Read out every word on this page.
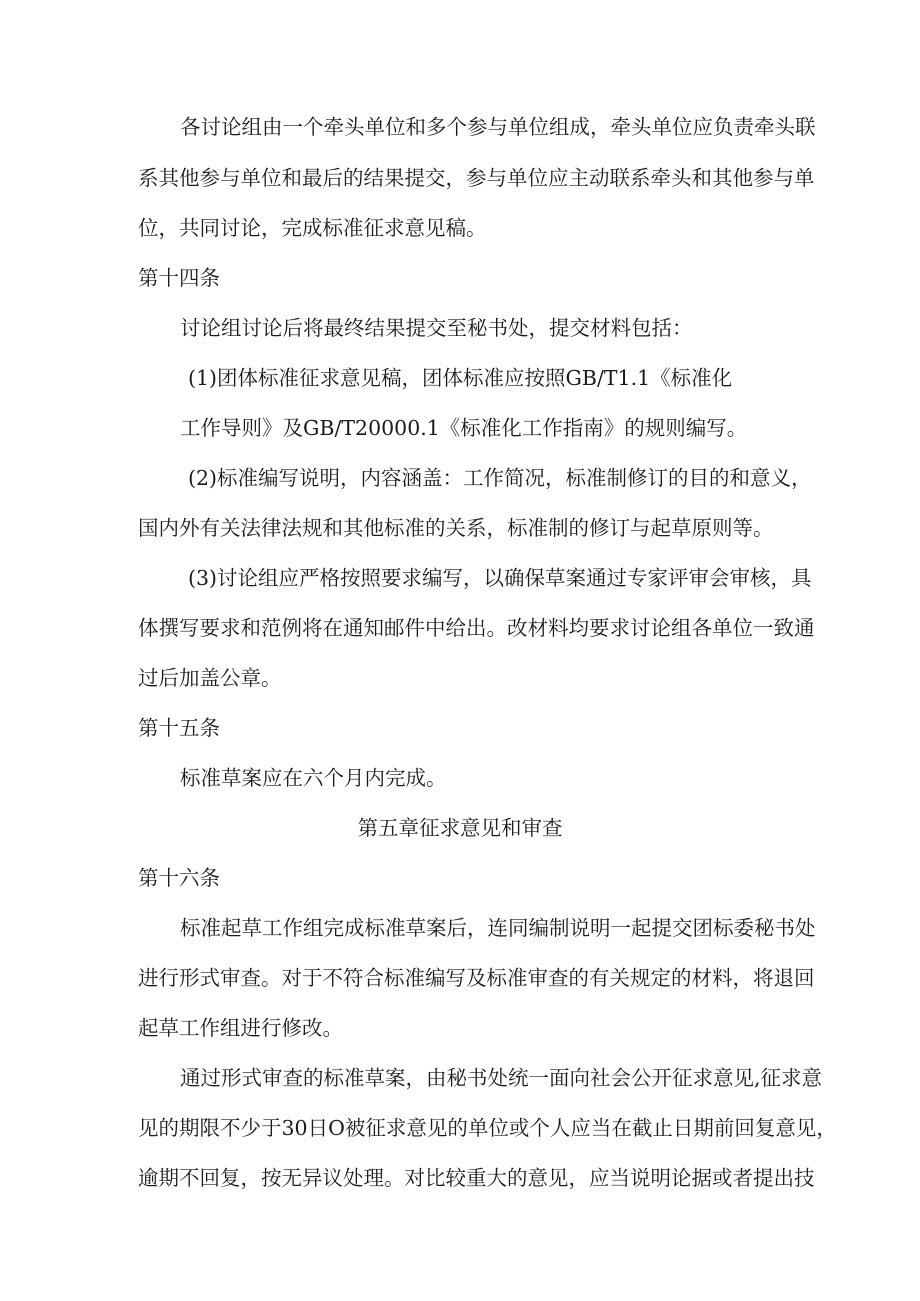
各讨论组由一个牵头单位和多个参与单位组成，牵头单位应负责牵头联
系其他参与单位和最后的结果提交，参与单位应主动联系牵头和其他参与单
位，共同讨论，完成标准征求意见稿。
第十四条
讨论组讨论后将最终结果提交至秘书处，提交材料包括：
(1)团体标准征求意见稿，团体标准应按照GB/T1.1《标准化
工作导则》及GB/T20000.1《标准化工作指南》的规则编写。
(2)标准编写说明，内容涵盖：工作简况，标准制修订的目的和意义，
国内外有关法律法规和其他标准的关系，标准制的修订与起草原则等。
(3)讨论组应严格按照要求编写，以确保草案通过专家评审会审核，具
体撰写要求和范例将在通知邮件中给出。改材料均要求讨论组各单位一致通
过后加盖公章。
第十五条
标准草案应在六个月内完成。
第五章征求意见和审查
第十六条
标准起草工作组完成标准草案后，连同编制说明一起提交团标委秘书处
进行形式审查。对于不符合标准编写及标准审查的有关规定的材料，将退回
起草工作组进行修改。
通过形式审查的标准草案，由秘书处统一面向社会公开征求意见,征求意
见的期限不少于30日O被征求意见的单位或个人应当在截止日期前回复意见，
逾期不回复，按无异议处理。对比较重大的意见，应当说明论据或者提出技
